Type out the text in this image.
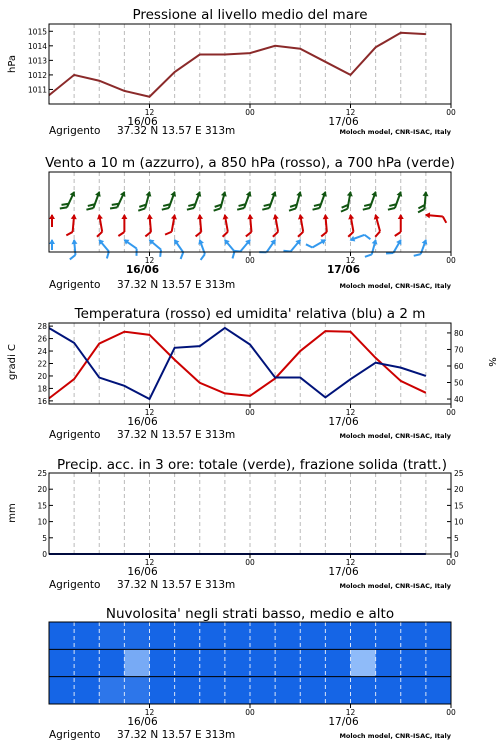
Pressione al livello medio del mare
1011
1012
1013
1014
1015
hPa
12	00	12	00
16/06	17/06
Vento a 10 m (azzurro), a 850 hPa (rosso), a 700 hPa (verde)
12	00	12	00
16/06	17/06
Temperatura (rosso) ed umidita' relativa (blu) a 2 m
16
18
20
22
24
26
28
40
50
60
70
80
gradi C	%
12	00	12	00
16/06	17/06
Precip. acc. in 3 ore: totale (verde), frazione solida (tratt.)
0
5
10
15
20
25
0
5
10
15
20
25
mm
12	00	12	00
16/06	17/06
Nuvolosita' negli strati basso, medio e alto
12	00	12	00
16/06	17/06
Agrigento 37.32 N 13.57 E 313m	Moloch model, CNR-ISAC, Italy
Agrigento 37.32 N 13.57 E 313m	Moloch model, CNR-ISAC, Italy
Agrigento 37.32 N 13.57 E 313m	Moloch model, CNR-ISAC, Italy
Agrigento 37.32 N 13.57 E 313m	Moloch model, CNR-ISAC, Italy
Agrigento 37.32 N 13.57 E 313m	Moloch model, CNR-ISAC, Italy
